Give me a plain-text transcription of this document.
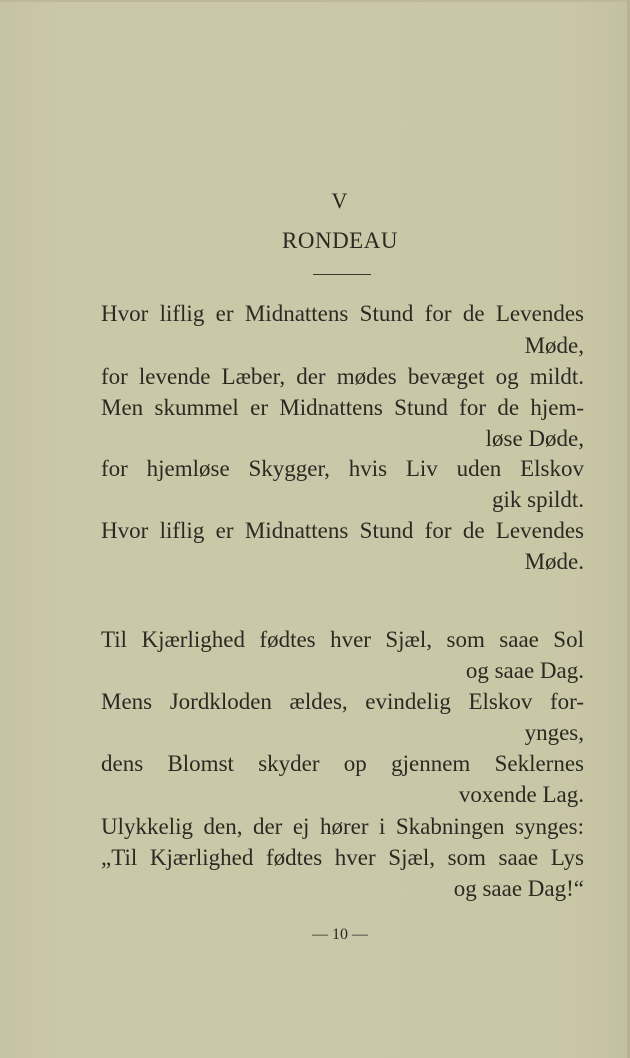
V
RONDEAU
Hvor liflig er Midnattens Stund for de Levendes
Møde,
for levende Læber, der mødes bevæget og mildt.
Men skummel er Midnattens Stund for de hjem-
løse Døde,
for hjemløse Skygger, hvis Liv uden Elskov
gik spildt.
Hvor liflig er Midnattens Stund for de Levendes
Møde.
Til Kjærlighed fødtes hver Sjæl, som saae Sol
og saae Dag.
Mens Jordkloden ældes, evindelig Elskov for-
ynges,
dens Blomst skyder op gjennem Seklernes
voxende Lag.
Ulykkelig den, der ej hører i Skabningen synges:
„Til Kjærlighed fødtes hver Sjæl, som saae Lys
og saae Dag!“
— 10 —
